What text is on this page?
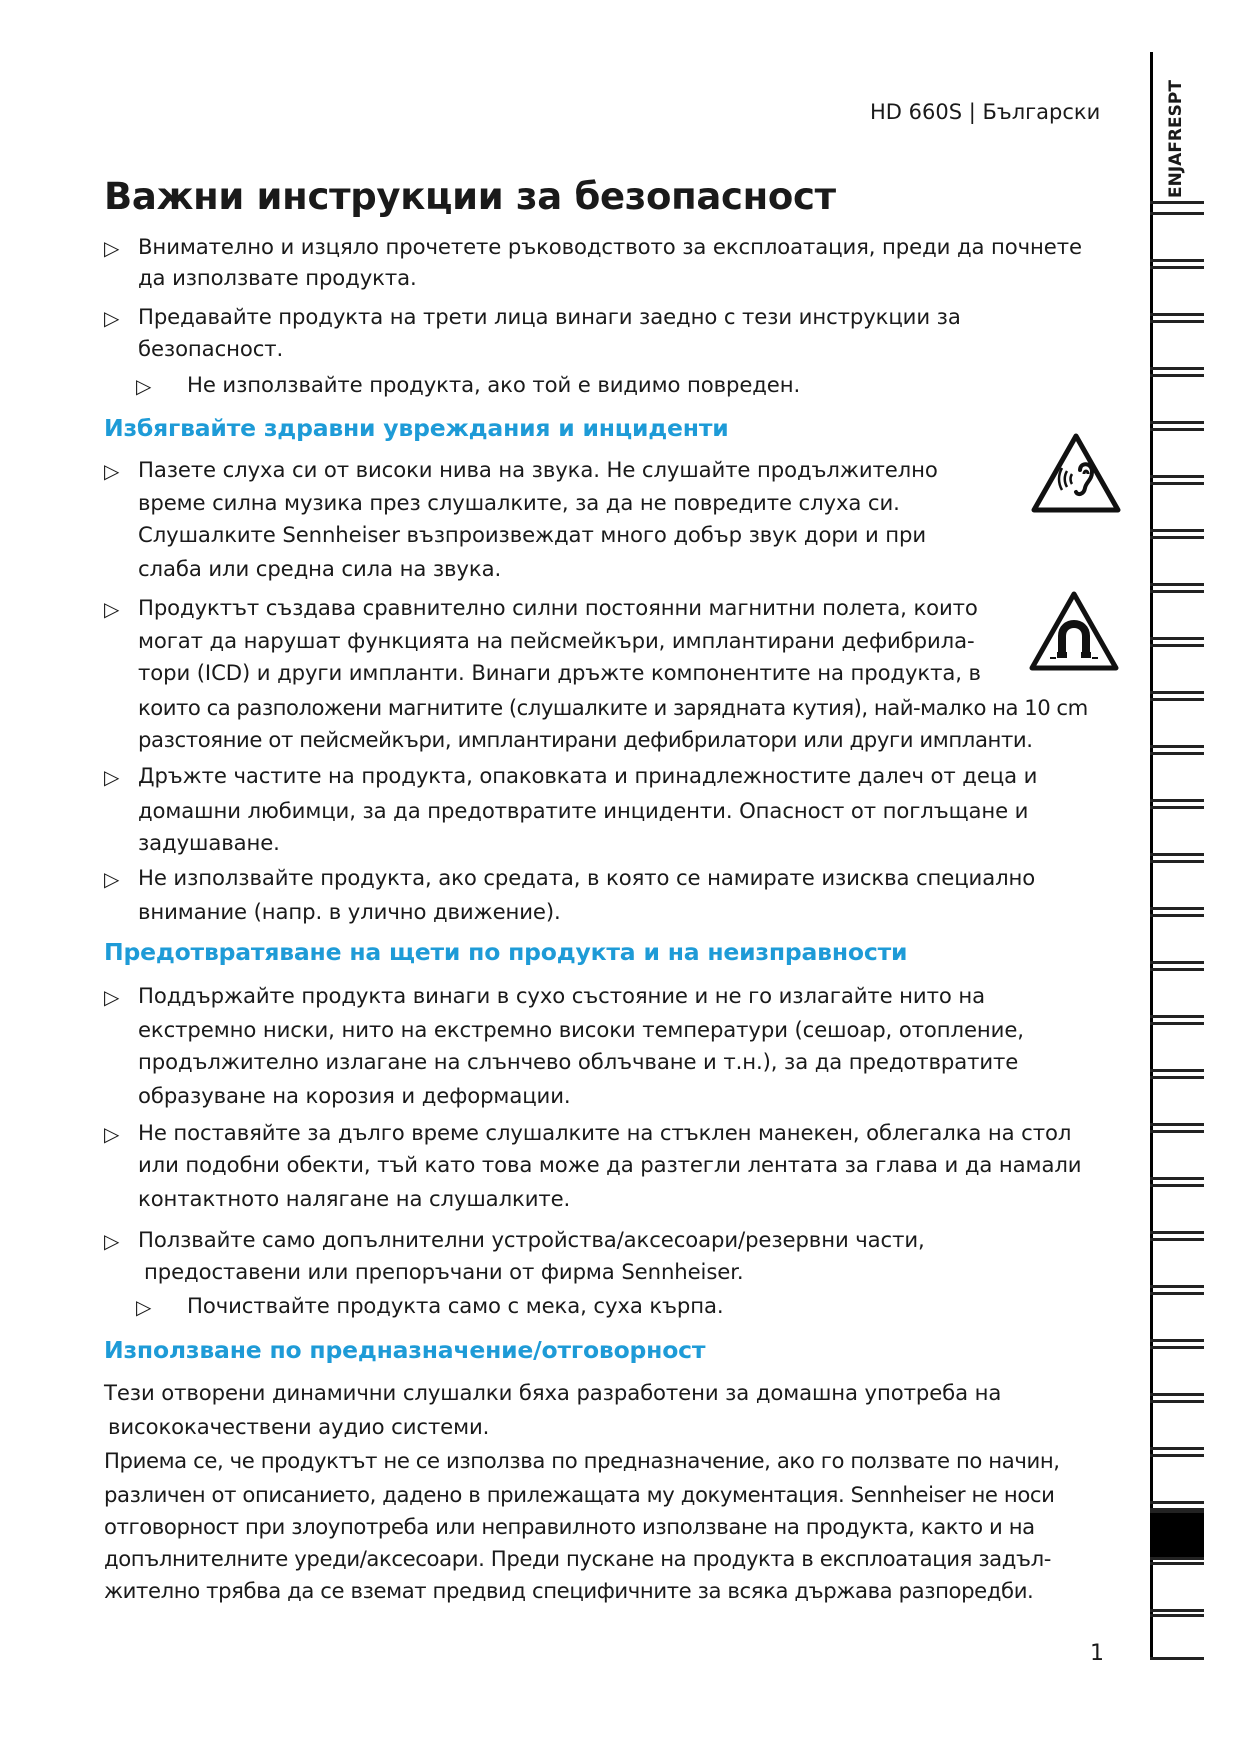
HD 660S | Български
Важни инструкции за безопасност
▷ Внимателно и изцяло прочетете ръководството за експлоатация, преди да почнете
да използвате продукта.
▷ Предавайте продукта на трети лица винаги заедно с тези инструкции за
безопасност.
▷ Не използвайте продукта, ако той е видимо повреден.
Избягвайте здравни увреждания и инциденти
▷ Пазете слуха си от високи нива на звука. Не слушайте продължително
време силна музика през слушалките, за да не повредите слуха си.
Слушалките Sennheiser възпроизвеждат много добър звук дори и при
слаба или средна сила на звука.
▷ Продуктът създава сравнително силни постоянни магнитни полета, които
могат да нарушат функцията на пейсмейкъри, имплантирани дефибрила-
тори (ICD) и други импланти. Винаги дръжте компонентите на продукта, в
които са разположени магнитите (слушалките и зарядната кутия), най-малко на 10 cm
разстояние от пейсмейкъри, имплантирани дефибрилатори или други импланти.
▷ Дръжте частите на продукта, опаковката и принадлежностите далеч от деца и
домашни любимци, за да предотвратите инциденти. Опасност от поглъщане и
задушаване.
▷ Не използвайте продукта, ако средата, в която се намирате изисква специално
внимание (напр. в улично движение).
Предотвратяване на щети по продукта и на неизправности
▷ Поддържайте продукта винаги в сухо състояние и не го излагайте нито на
екстремно ниски, нито на екстремно високи температури (сешоар, отопление,
продължително излагане на слънчево облъчване и т.н.), за да предотвратите
образуване на корозия и деформации.
▷ Не поставяйте за дълго време слушалките на стъклен манекен, облегалка на стол
или подобни обекти, тъй като това може да разтегли лентата за глава и да намали
контактното налягане на слушалките.
▷ Ползвайте само допълнителни устройства/аксесоари/резервни части,
предоставени или препоръчани от фирма Sennheiser.
▷ Почиствайте продукта само с мека, суха кърпа.
Използване по предназначение/отговорност
Тези отворени динамични слушалки бяха разработени за домашна употреба на
висококачествени аудио системи.
Приема се, че продуктът не се използва по предназначение, ако го ползвате по начин,
различен от описанието, дадено в прилежащата му документация. Sennheiser не носи
отговорност при злоупотреба или неправилното използване на продукта, както и на
допълнителните уреди/аксесоари. Преди пускане на продукта в експлоатация задъл-
жително трябва да се вземат предвид специфичните за всяка държава разпоредби.
1
ENJAFRESPT
